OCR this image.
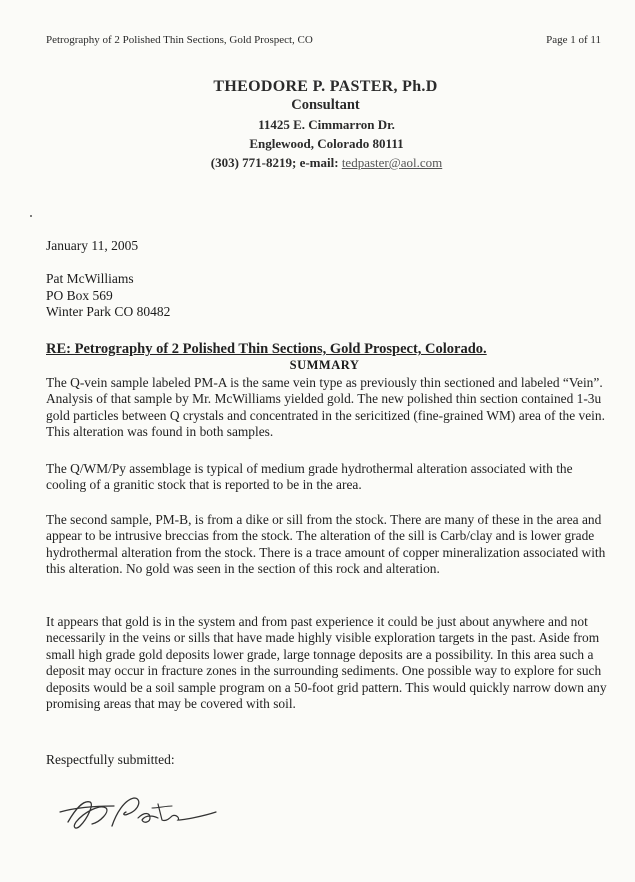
Petrography of 2 Polished Thin Sections, Gold Prospect, CO	Page 1 of 11
THEODORE P. PASTER, Ph.D
Consultant
11425 E. Cimmarron Dr.
Englewood, Colorado 80111
(303) 771-8219; e-mail: tedpaster@aol.com
January 11, 2005
Pat McWilliams
PO Box 569
Winter Park CO 80482
RE: Petrography of 2 Polished Thin Sections, Gold Prospect, Colorado.
SUMMARY

The Q-vein sample labeled PM-A is the same vein type as previously thin sectioned and labeled “Vein”. Analysis of that sample by Mr. McWilliams yielded gold. The new polished thin section contained 1-3u gold particles between Q crystals and concentrated in the sericitized (fine-grained WM) area of the vein. This alteration was found in both samples.

The Q/WM/Py assemblage is typical of medium grade hydrothermal alteration associated with the cooling of a granitic stock that is reported to be in the area.

The second sample, PM-B, is from a dike or sill from the stock. There are many of these in the area and appear to be intrusive breccias from the stock. The alteration of the sill is Carb/clay and is lower grade hydrothermal alteration from the stock. There is a trace amount of copper mineralization associated with this alteration. No gold was seen in the section of this rock and alteration.

It appears that gold is in the system and from past experience it could be just about anywhere and not necessarily in the veins or sills that have made highly visible exploration targets in the past. Aside from small high grade gold deposits lower grade, large tonnage deposits are a possibility. In this area such a deposit may occur in fracture zones in the surrounding sediments. One possible way to explore for such deposits would be a soil sample program on a 50-foot grid pattern. This would quickly narrow down any promising areas that may be covered with soil.

Respectfully submitted:
